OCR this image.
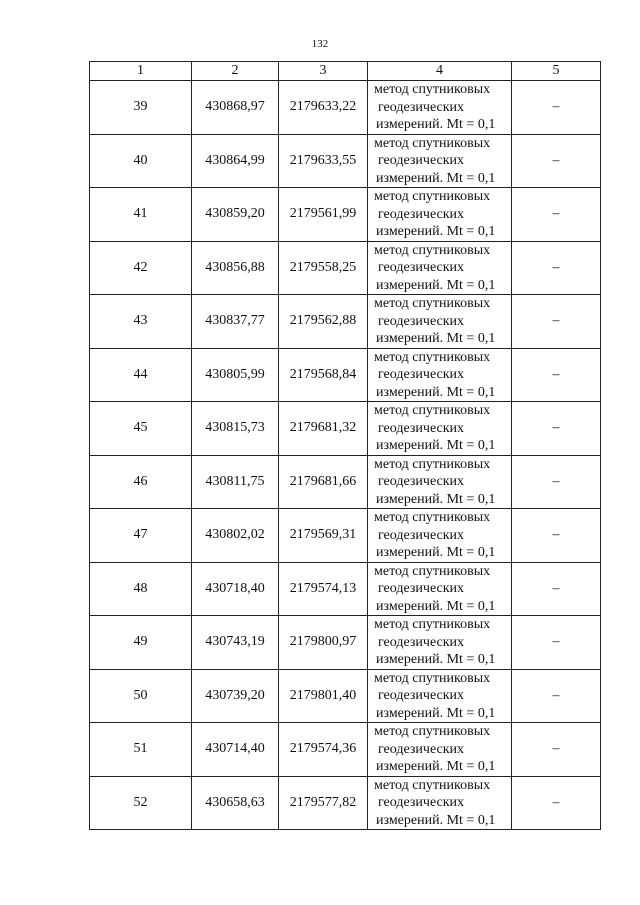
132
1	2	3	4	5
39	430868,97	2179633,22	метод спутниковых
геодезических
измерений. Mt = 0,1	–
40	430864,99	2179633,55	метод спутниковых
геодезических
измерений. Mt = 0,1	–
41	430859,20	2179561,99	метод спутниковых
геодезических
измерений. Mt = 0,1	–
42	430856,88	2179558,25	метод спутниковых
геодезических
измерений. Mt = 0,1	–
43	430837,77	2179562,88	метод спутниковых
геодезических
измерений. Mt = 0,1	–
44	430805,99	2179568,84	метод спутниковых
геодезических
измерений. Mt = 0,1	–
45	430815,73	2179681,32	метод спутниковых
геодезических
измерений. Mt = 0,1	–
46	430811,75	2179681,66	метод спутниковых
геодезических
измерений. Mt = 0,1	–
47	430802,02	2179569,31	метод спутниковых
геодезических
измерений. Mt = 0,1	–
48	430718,40	2179574,13	метод спутниковых
геодезических
измерений. Mt = 0,1	–
49	430743,19	2179800,97	метод спутниковых
геодезических
измерений. Mt = 0,1	–
50	430739,20	2179801,40	метод спутниковых
геодезических
измерений. Mt = 0,1	–
51	430714,40	2179574,36	метод спутниковых
геодезических
измерений. Mt = 0,1	–
52	430658,63	2179577,82	метод спутниковых
геодезических
измерений. Mt = 0,1	–
